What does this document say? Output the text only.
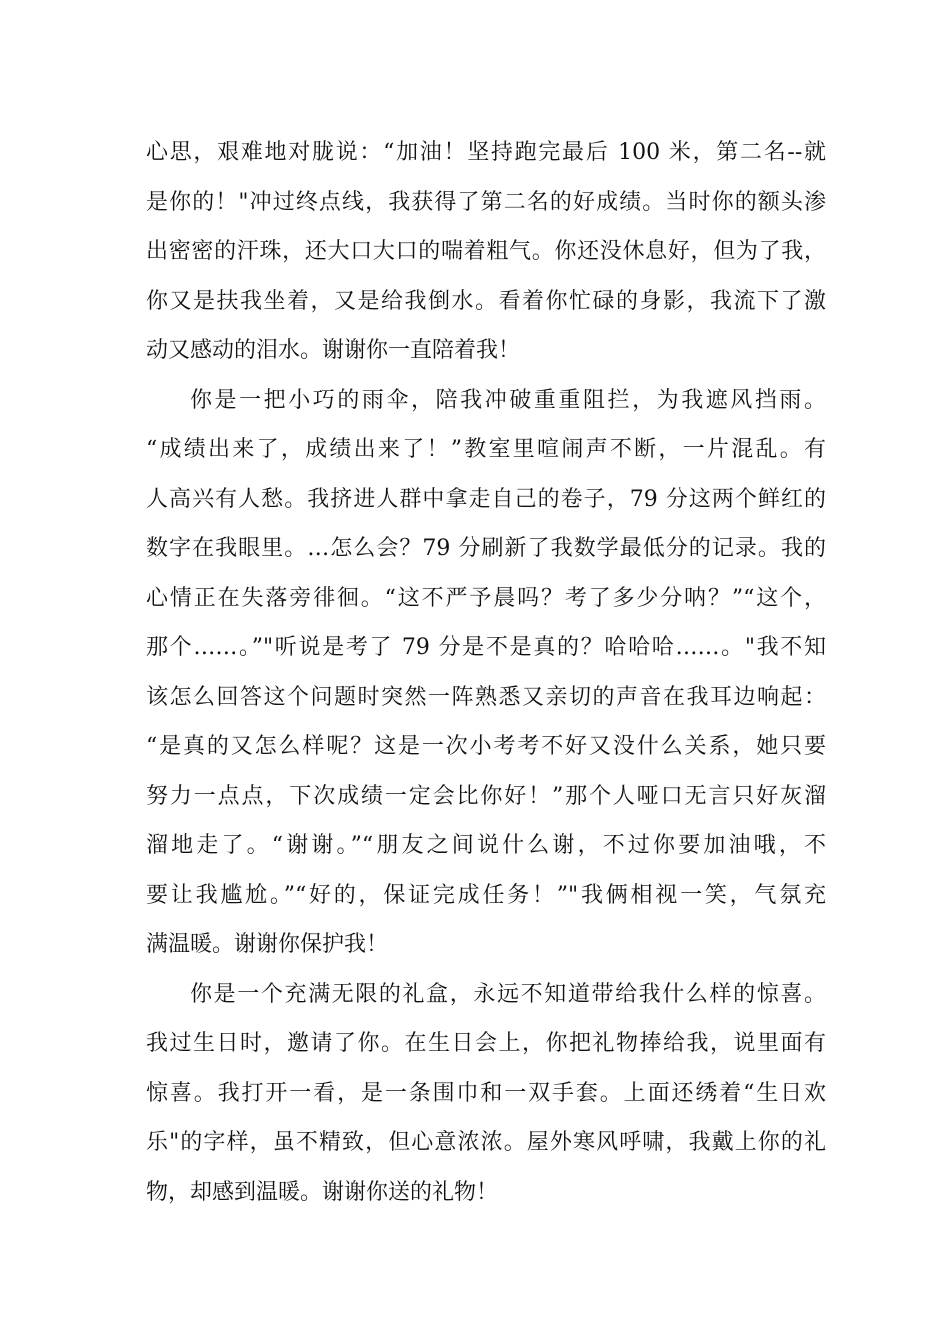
心思，艰难地对胧说：“加油！坚持跑完最后 100 米，第二名--就
是你的！"冲过终点线，我获得了第二名的好成绩。当时你的额头渗
出密密的汗珠，还大口大口的喘着粗气。你还没休息好，但为了我，
你又是扶我坐着，又是给我倒水。看着你忙碌的身影，我流下了激
动又感动的泪水。谢谢你一直陪着我！
你是一把小巧的雨伞，陪我冲破重重阻拦，为我遮风挡雨。
“成绩出来了，成绩出来了！”教室里喧闹声不断，一片混乱。有
人高兴有人愁。我挤进人群中拿走自己的卷子，79 分这两个鲜红的
数字在我眼里。…怎么会？79 分刷新了我数学最低分的记录。我的
心情正在失落旁徘徊。“这不严予晨吗？考了多少分呐？”“这个，
那个……。”"听说是考了 79 分是不是真的？哈哈哈……。"我不知
该怎么回答这个问题时突然一阵熟悉又亲切的声音在我耳边响起：
“是真的又怎么样呢？这是一次小考考不好又没什么关系，她只要
努力一点点，下次成绩一定会比你好！”那个人哑口无言只好灰溜
溜地走了。“谢谢。”“朋友之间说什么谢，不过你要加油哦，不
要让我尴尬。”“好的，保证完成任务！”"我俩相视一笑，气氛充
满温暖。谢谢你保护我！
你是一个充满无限的礼盒，永远不知道带给我什么样的惊喜。
我过生日时，邀请了你。在生日会上，你把礼物捧给我，说里面有
惊喜。我打开一看，是一条围巾和一双手套。上面还绣着“生日欢
乐"的字样，虽不精致，但心意浓浓。屋外寒风呼啸，我戴上你的礼
物，却感到温暖。谢谢你送的礼物！
